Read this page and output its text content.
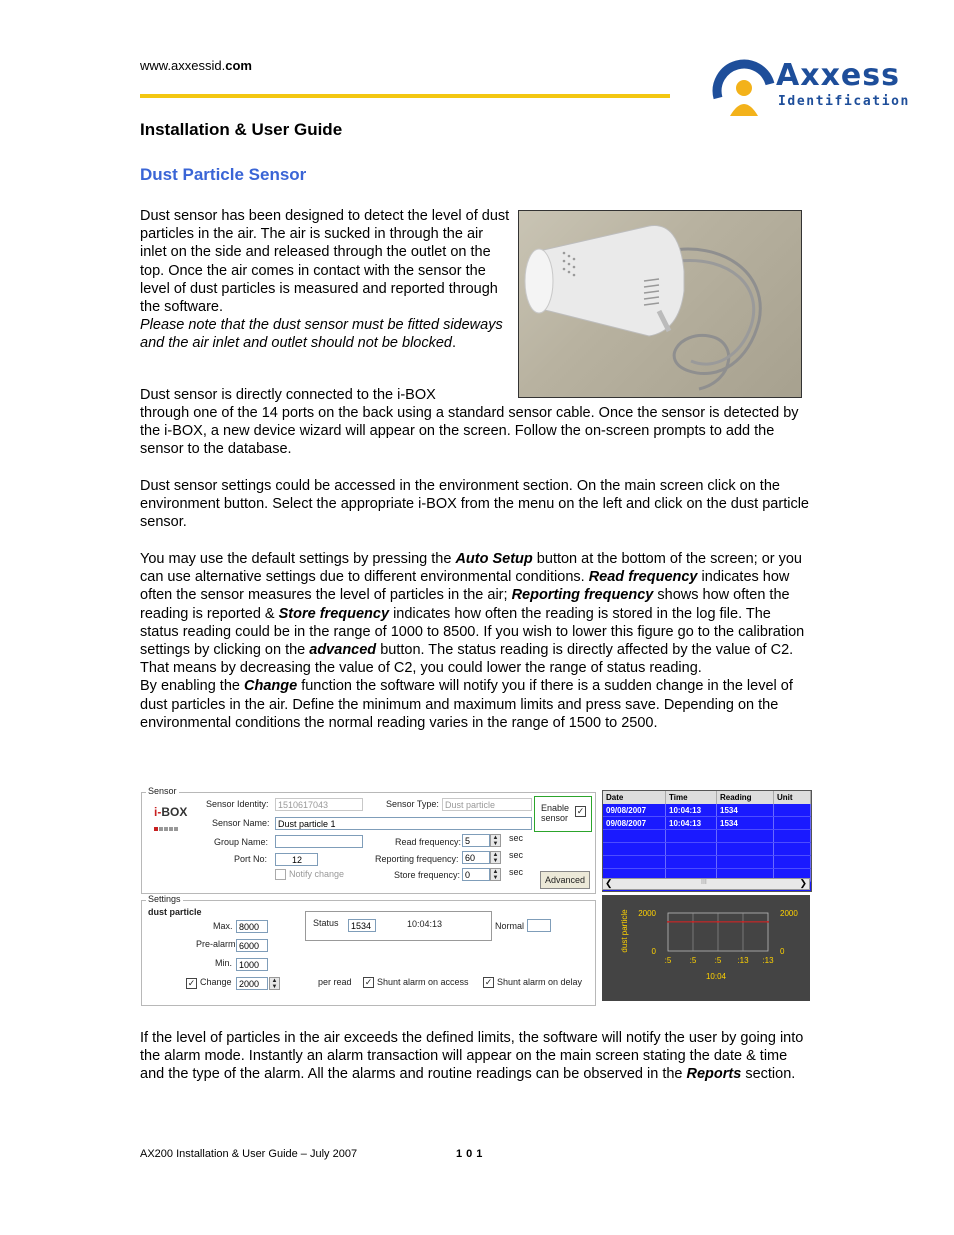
www.axxessid.com	Axxess
Identification
Installation & User Guide
Dust Particle Sensor
Dust sensor has been designed to detect the level of dust particles in the air. The air is sucked in through the air inlet on the side and released through the outlet on the top. Once the air comes in contact with the sensor the level of dust particles is measured and reported through the software.
Please note that the dust sensor must be fitted sideways and the air inlet and outlet should not be blocked.
Dust sensor is directly connected to the i-BOX
through one of the 14 ports on the back using a standard sensor cable. Once the sensor is detected by the i-BOX, a new device wizard will appear on the screen. Follow the on-screen prompts to add the sensor to the database.
Dust sensor settings could be accessed in the environment section. On the main screen click on the environment button. Select the appropriate i-BOX from the menu on the left and click on the dust particle sensor.
You may use the default settings by pressing the Auto Setup button at the bottom of the screen; or you can use alternative settings due to different environmental conditions. Read frequency indicates how often the sensor measures the level of particles in the air; Reporting frequency shows how often the reading is reported & Store frequency indicates how often the reading is stored in the log file. The status reading could be in the range of 1000 to 8500. If you wish to lower this figure go to the calibration settings by clicking on the advanced button. The status reading is directly affected by the value of C2. That means by decreasing the value of C2, you could lower the range of status reading.
By enabling the Change function the software will notify you if there is a sudden change in the level of dust particles in the air. Define the minimum and maximum limits and press save. Depending on the environmental conditions the normal reading varies in the range of 1500 to 2500.
Sensor
i-BOX
Sensor Identity:	1510617043
Sensor Name: Dust particle 1
Sensor Type: Dust particle	Enable sensor
✓
Group Name:
Port No:	12
Notify change
Read frequency: 5	▲
▼
sec
Reporting frequency: 60	▲
▼
sec
Store frequency: 0	▲
▼
sec
Advanced
Settings
dust particle
Max. 8000
Pre-alarm 6000
Min. 1000
✓ Change 2000	▲
▼
Status	1534	10:04:13	Normal
per read ✓ Shunt alarm on access ✓ Shunt alarm on delay
Date	Time	Reading	Unit
09/08/2007	10:04:13	1534	
09/08/2007	10:04:13	1534	

❮	III	❯
dust particle 2000	2000
0	0
:5 :5 :5 :13 :13
10:04
If the level of particles in the air exceeds the defined limits, the software will notify the user by going into the alarm mode. Instantly an alarm transaction will appear on the main screen stating the date & time and the type of the alarm. All the alarms and routine readings can be observed in the Reports section.
AX200 Installation & User Guide – July 2007	101
